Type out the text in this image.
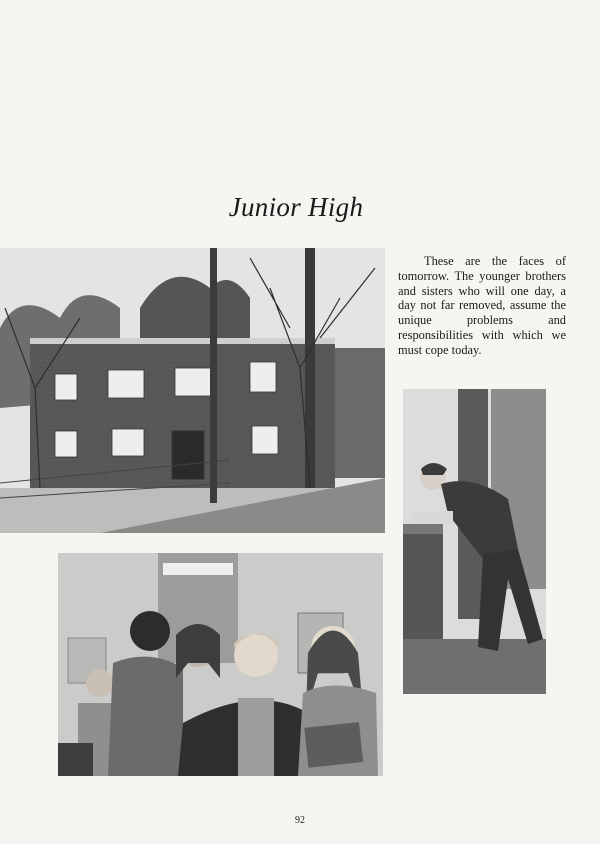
Junior High
These are the faces of tomorrow. The younger brothers and sisters who will one day, a day not far removed, assume the unique problems and responsibilities with which we must cope today.
92
